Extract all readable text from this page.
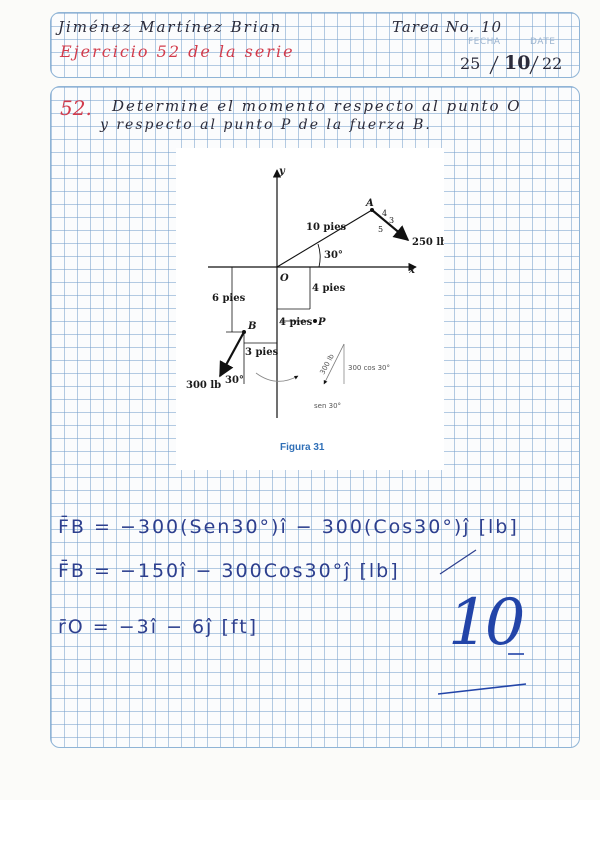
Jiménez Martínez Brian	Tarea No. 10
FECHA	DATE
Ejercicio 52 de la serie
25 10 22
52. Determine el momento respecto al punto O
y respecto al punto P de la fuerza B.
y
x
O
A
250 lb
4
3
5
10 pies
30°
6 pies
4 pies
4 pies P
B
3 pies
300 lb 30°
300 lb 300 cos 30°
sen 30°
Figura 31
F̄B = −300(Sen30°)î − 300(Cos30°)ĵ [lb]
F̄B = −150î − 300Cos30°ĵ [lb]
r̄O = −3î − 6ĵ [ft]	10
